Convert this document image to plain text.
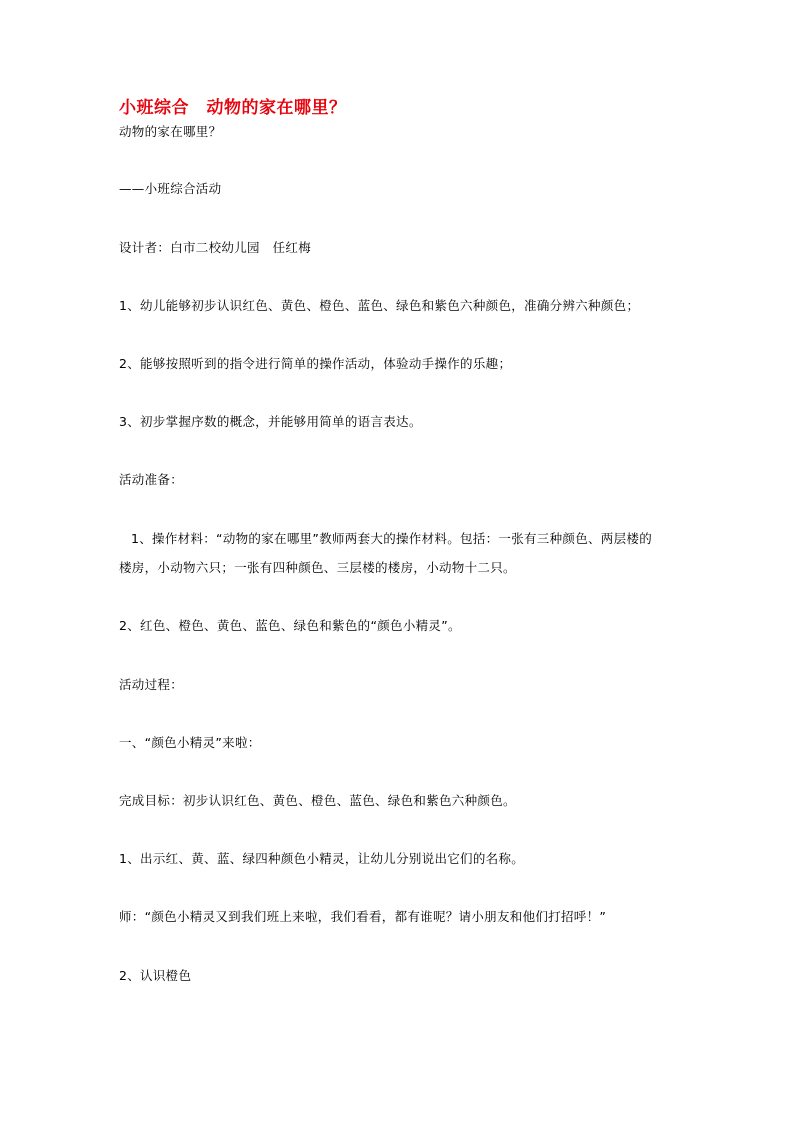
小班综合　动物的家在哪里？
动物的家在哪里？
——小班综合活动
设计者：白市二校幼儿园　任红梅
1、幼儿能够初步认识红色、黄色、橙色、蓝色、绿色和紫色六种颜色，准确分辨六种颜色；
2、能够按照听到的指令进行简单的操作活动，体验动手操作的乐趣；
3、初步掌握序数的概念，并能够用简单的语言表达。
活动准备：
1、操作材料：“动物的家在哪里”教师两套大的操作材料。包括：一张有三种颜色、两层楼的
楼房，小动物六只；一张有四种颜色、三层楼的楼房，小动物十二只。
2、红色、橙色、黄色、蓝色、绿色和紫色的“颜色小精灵”。
活动过程：
一、“颜色小精灵”来啦：
完成目标：初步认识红色、黄色、橙色、蓝色、绿色和紫色六种颜色。
1、出示红、黄、蓝、绿四种颜色小精灵，让幼儿分别说出它们的名称。
师：“颜色小精灵又到我们班上来啦，我们看看，都有谁呢？请小朋友和他们打招呼！”
2、认识橙色
